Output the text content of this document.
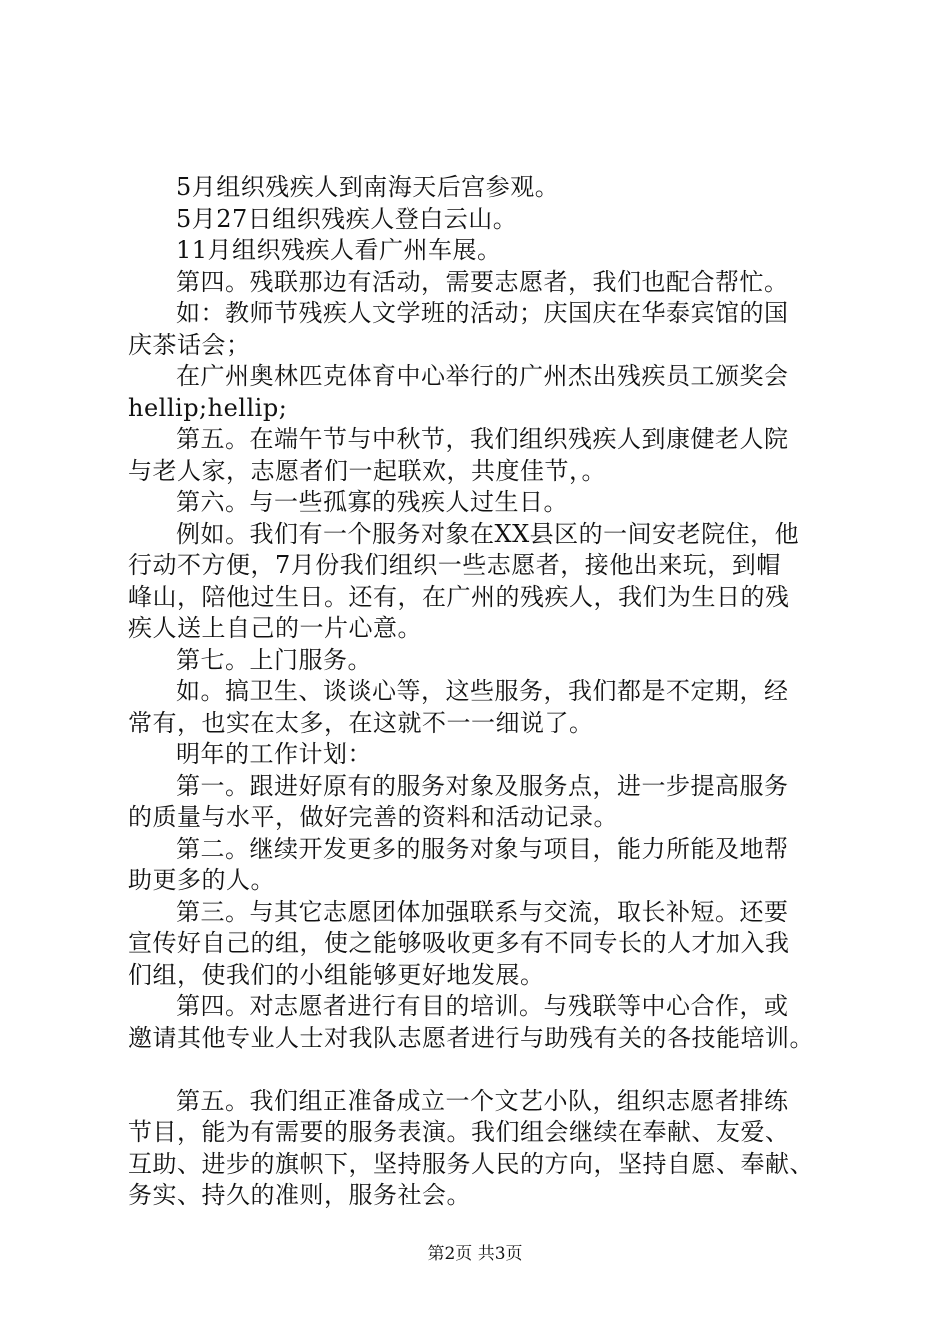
5月组织残疾人到南海天后宫参观。
5月27日组织残疾人登白云山。
11月组织残疾人看广州车展。
第四。残联那边有活动，需要志愿者，我们也配合帮忙。
如：教师节残疾人文学班的活动；庆国庆在华泰宾馆的国
庆茶话会；
在广州奥林匹克体育中心举行的广州杰出残疾员工颁奖会
hellip;hellip;
第五。在端午节与中秋节，我们组织残疾人到康健老人院
与老人家，志愿者们一起联欢，共度佳节，。
第六。与一些孤寡的残疾人过生日。
例如。我们有一个服务对象在XX县区的一间安老院住，他
行动不方便，7月份我们组织一些志愿者，接他出来玩，到帽
峰山，陪他过生日。还有，在广州的残疾人，我们为生日的残
疾人送上自己的一片心意。
第七。上门服务。
如。搞卫生、谈谈心等，这些服务，我们都是不定期，经
常有，也实在太多，在这就不一一细说了。
明年的工作计划：
第一。跟进好原有的服务对象及服务点，进一步提高服务
的质量与水平，做好完善的资料和活动记录。
第二。继续开发更多的服务对象与项目，能力所能及地帮
助更多的人。
第三。与其它志愿团体加强联系与交流，取长补短。还要
宣传好自己的组，使之能够吸收更多有不同专长的人才加入我
们组，使我们的小组能够更好地发展。
第四。对志愿者进行有目的培训。与残联等中心合作，或
邀请其他专业人士对我队志愿者进行与助残有关的各技能培训。
第五。我们组正准备成立一个文艺小队，组织志愿者排练
节目，能为有需要的服务表演。我们组会继续在奉献、友爱、
互助、进步的旗帜下，坚持服务人民的方向，坚持自愿、奉献、
务实、持久的准则，服务社会。
第2页 共3页
